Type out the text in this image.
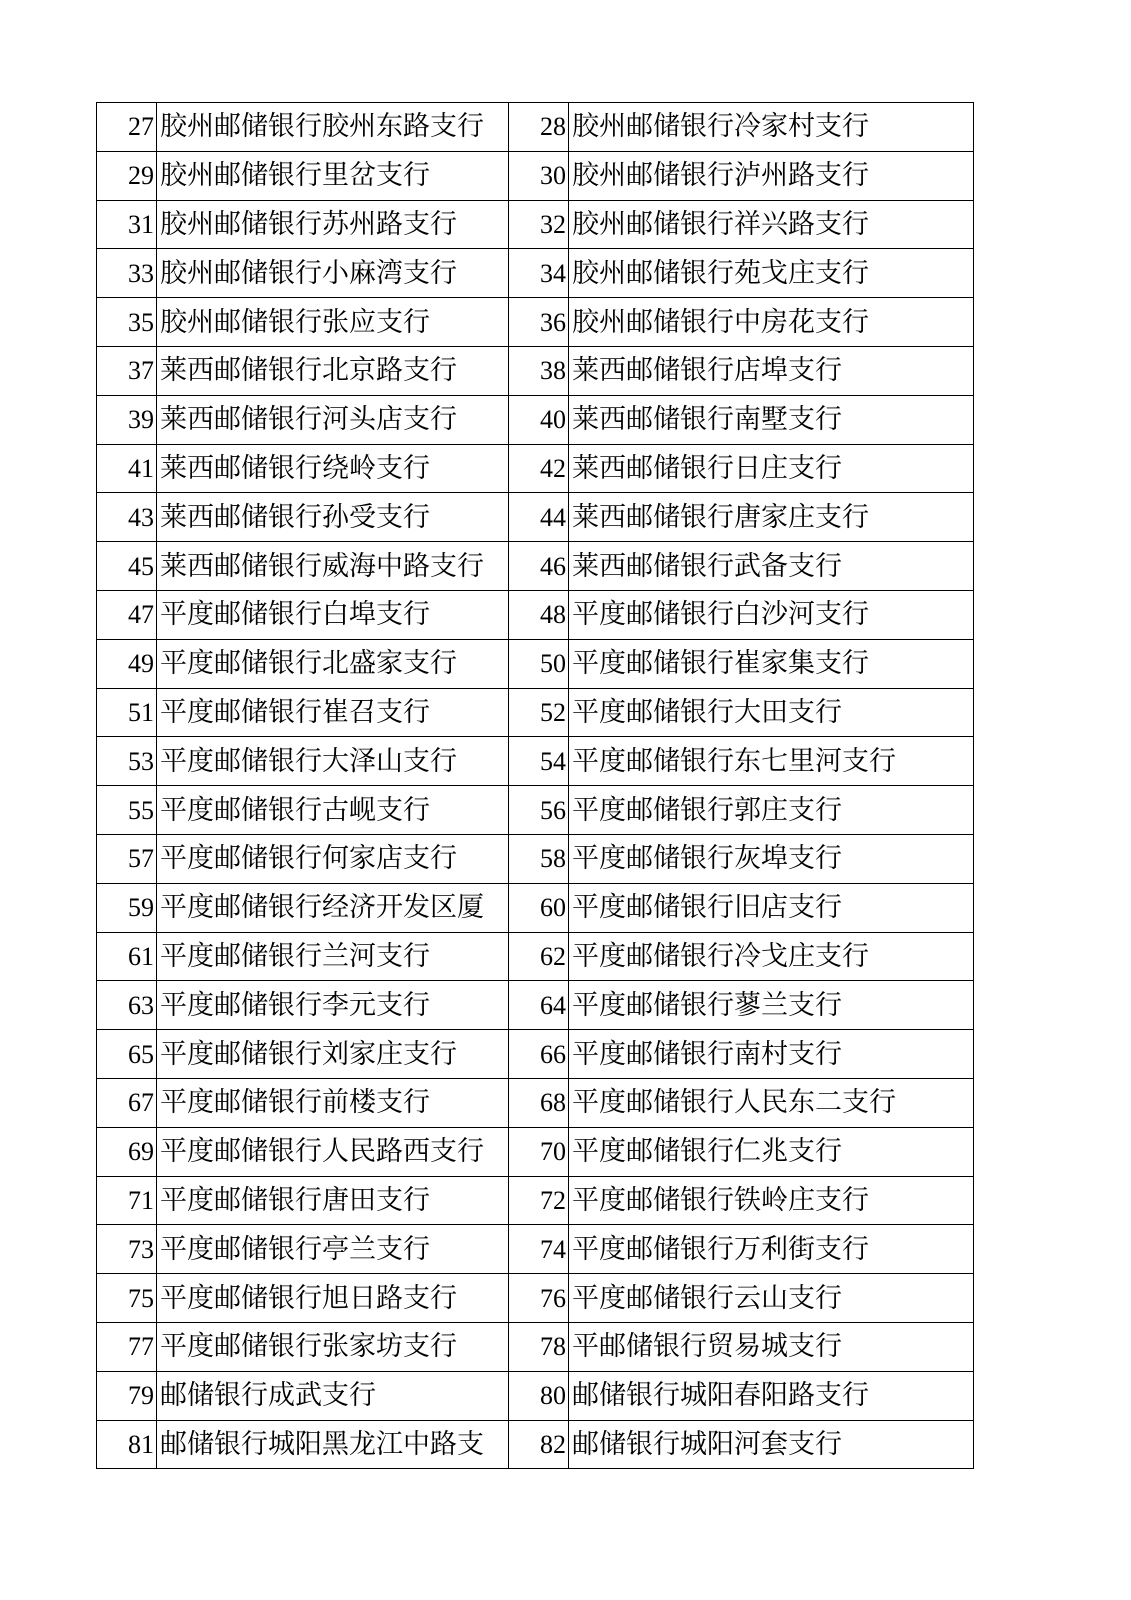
27	胶州邮储银行胶州东路支行	28	胶州邮储银行冷家村支行
29	胶州邮储银行里岔支行	30	胶州邮储银行泸州路支行
31	胶州邮储银行苏州路支行	32	胶州邮储银行祥兴路支行
33	胶州邮储银行小麻湾支行	34	胶州邮储银行苑戈庄支行
35	胶州邮储银行张应支行	36	胶州邮储银行中房花支行
37	莱西邮储银行北京路支行	38	莱西邮储银行店埠支行
39	莱西邮储银行河头店支行	40	莱西邮储银行南墅支行
41	莱西邮储银行绕岭支行	42	莱西邮储银行日庄支行
43	莱西邮储银行孙受支行	44	莱西邮储银行唐家庄支行
45	莱西邮储银行威海中路支行	46	莱西邮储银行武备支行
47	平度邮储银行白埠支行	48	平度邮储银行白沙河支行
49	平度邮储银行北盛家支行	50	平度邮储银行崔家集支行
51	平度邮储银行崔召支行	52	平度邮储银行大田支行
53	平度邮储银行大泽山支行	54	平度邮储银行东七里河支行
55	平度邮储银行古岘支行	56	平度邮储银行郭庄支行
57	平度邮储银行何家店支行	58	平度邮储银行灰埠支行
59	平度邮储银行经济开发区厦	60	平度邮储银行旧店支行
61	平度邮储银行兰河支行	62	平度邮储银行冷戈庄支行
63	平度邮储银行李元支行	64	平度邮储银行蓼兰支行
65	平度邮储银行刘家庄支行	66	平度邮储银行南村支行
67	平度邮储银行前楼支行	68	平度邮储银行人民东二支行
69	平度邮储银行人民路西支行	70	平度邮储银行仁兆支行
71	平度邮储银行唐田支行	72	平度邮储银行铁岭庄支行
73	平度邮储银行亭兰支行	74	平度邮储银行万利街支行
75	平度邮储银行旭日路支行	76	平度邮储银行云山支行
77	平度邮储银行张家坊支行	78	平邮储银行贸易城支行
79	邮储银行成武支行	80	邮储银行城阳春阳路支行
81	邮储银行城阳黑龙江中路支	82	邮储银行城阳河套支行
